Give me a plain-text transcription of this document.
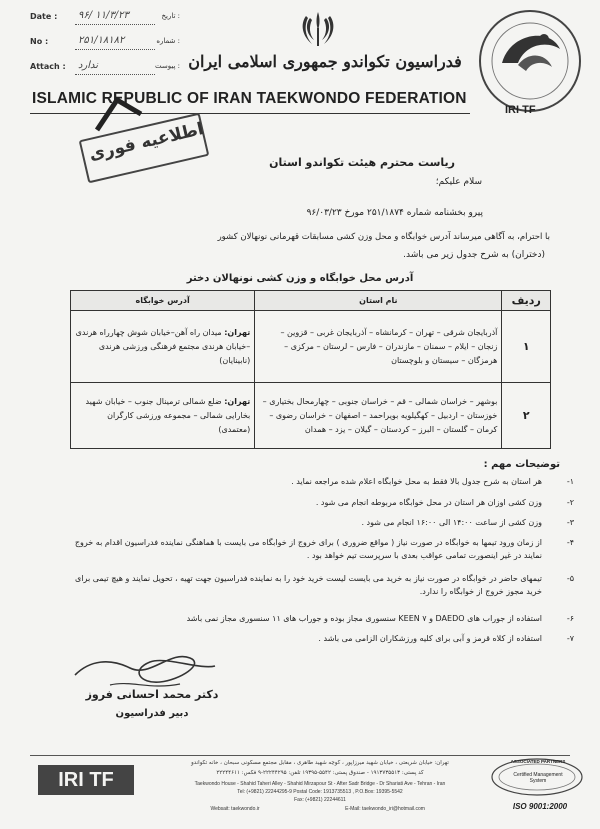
Date : ۹۶/ ۱۱/۳/۲۳	تاریخ :
No :	۲۵۱/۱۸۱۸۲	شماره :
Attach : ندارد	پیوست : فدراسیون تکواندو جمهوری اسلامی ایران
ISLAMIC REPUBLIC OF IRAN TAEKWONDO FEDERATION
IRI TF
اطلاعیه فوری	ریاست محترم هیئت تکواندو استان
سلام علیکم؛
پیرو بخشنامه شماره ۲۵۱/۱۸۷۴ مورخ ۹۶/۰۳/۲۳
با احترام، به آگاهی میرساند آدرس خوابگاه و محل وزن کشی مسابقات قهرمانی نونهالان کشور
(دختران) به شرح جدول زیر می باشد.
آدرس محل خوابگاه و وزن کشی نونهالان دختر
ردیف	نام استان	آدرس خوابگاه
۱	آذربایجان شرقی – تهران – کرمانشاه – آذربایجان غربی – قزوین – زنجان – ایلام – سمنان – مازندران – فارس – لرستان – مرکزی – هرمزگان – سیستان و بلوچستان	تهران: میدان راه آهن–خیابان شوش چهارراه هرندی –خیابان هرندی مجتمع فرهنگی ورزشی هرندی (نابینایان)
۲	بوشهر – خراسان شمالی – قم – خراسان جنوبی – چهارمحال بختیاری – خوزستان – اردبیل – کهگیلویه بویراحمد – اصفهان – خراسان رضوی – کرمان – گلستان – البرز – کردستان – گیلان – یزد – همدان	تهران: ضلع شمالی ترمینال جنوب – خیابان شهید بخارایی شمالی – مجموعه ورزشی کارگران (معتمدی)
توضیحات مهم :
۱-
هر استان به شرح جدول بالا فقط به محل خوابگاه اعلام شده مراجعه نماید .
۲-
وزن کشی اوزان هر استان در محل خوابگاه مربوطه انجام می شود .
۳-
وزن کشی از ساعت ۱۴:۰۰ الی ۱۶:۰۰ انجام می شود .
۴-
از زمان ورود تیمها به خوابگاه در صورت نیاز ( مواقع ضروری ) برای خروج از خوابگاه می بایست با هماهنگی نماینده فدراسیون اقدام به خروج نمایند در غیر اینصورت تمامی عواقب بعدی با سرپرست تیم خواهد بود .
۵-
تیمهای حاضر در خوابگاه در صورت نیاز به خرید می بایست لیست خرید خود را به نماینده فدراسیون جهت تهیه ، تحویل نمایند و هیچ تیمی برای خرید مجوز خروج از خوابگاه را ندارد.
۶-
استفاده از جوراب های DAEDO و KEEN ۷ سنسوری مجاز بوده و جوراب های ۱۱ سنسوری مجاز نمی باشد
۷-
استفاده از کلاه قرمز و آبی برای کلیه ورزشکاران الزامی می باشد .
دکتر محمد احسانی فروز
دبیر فدراسیون
IRI TF
تهران: خیابان شریعتی ، خیابان شهید میرزاپور ، کوچه شهید طاهری ، مقابل مجتمع مسکونی سبحان ، خانه تکواندو
کد پستی: ۱۹۱۳۷۳۵۵۱۳ - صندوق پستی: ۵۵۴۲-۱۹۳۹۵ تلفن: ۲۲۲۴۴۲۹۵-۹ فکس: ۲۲۲۴۴۶۱۱
Taekwondo House - Shahid Taheri Alley - Shahid Mirzapour St - After Sadr Bridge - Dr Shariati Ave - Tehran - Iran
Tel: (+9821) 22244295-9 Postal Code: 1913735513 , P.O.Box: 19395-5542
Fax: (+9821) 22244611
Websait: taekwondo.ir	E-Mail: taekwondo_iri@hotmail.com
ASSOCIATED PARTNERS
Certified Management System
ISO 9001:2000
